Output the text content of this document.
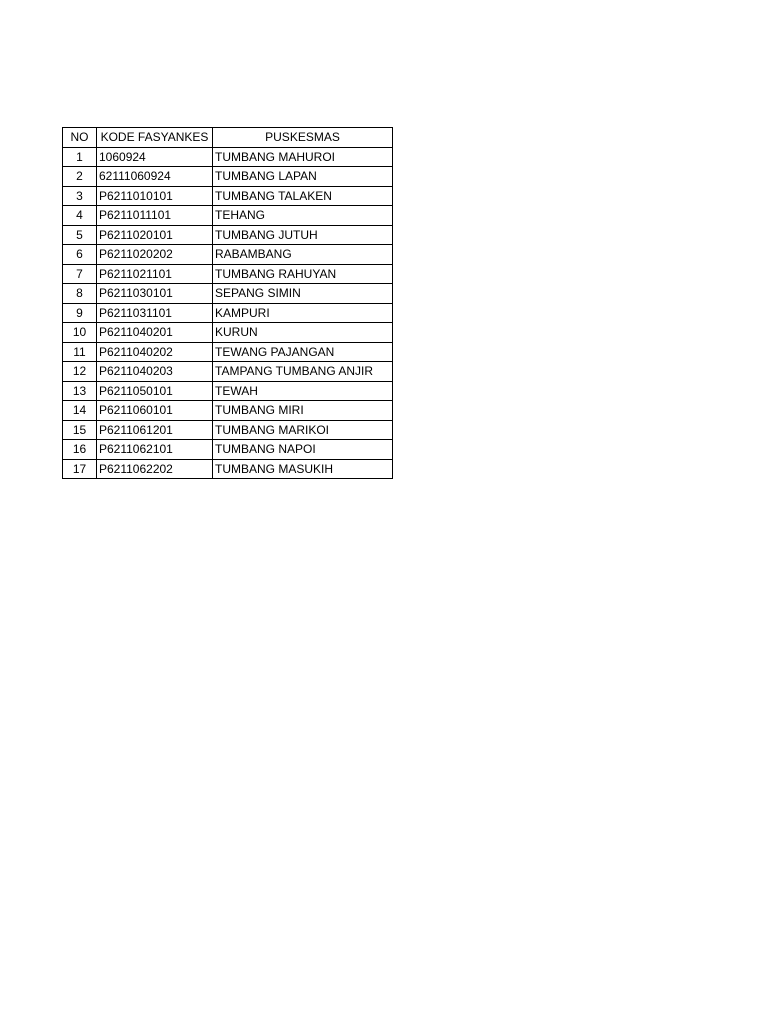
NO	KODE FASYANKES	PUSKESMAS
1	1060924	TUMBANG MAHUROI
2	62111060924	TUMBANG LAPAN
3	P6211010101	TUMBANG TALAKEN
4	P6211011101	TEHANG
5	P6211020101	TUMBANG JUTUH
6	P6211020202	RABAMBANG
7	P6211021101	TUMBANG RAHUYAN
8	P6211030101	SEPANG SIMIN
9	P6211031101	KAMPURI
10	P6211040201	KURUN
11	P6211040202	TEWANG PAJANGAN
12	P6211040203	TAMPANG TUMBANG ANJIR
13	P6211050101	TEWAH
14	P6211060101	TUMBANG MIRI
15	P6211061201	TUMBANG MARIKOI
16	P6211062101	TUMBANG NAPOI
17	P6211062202	TUMBANG MASUKIH
